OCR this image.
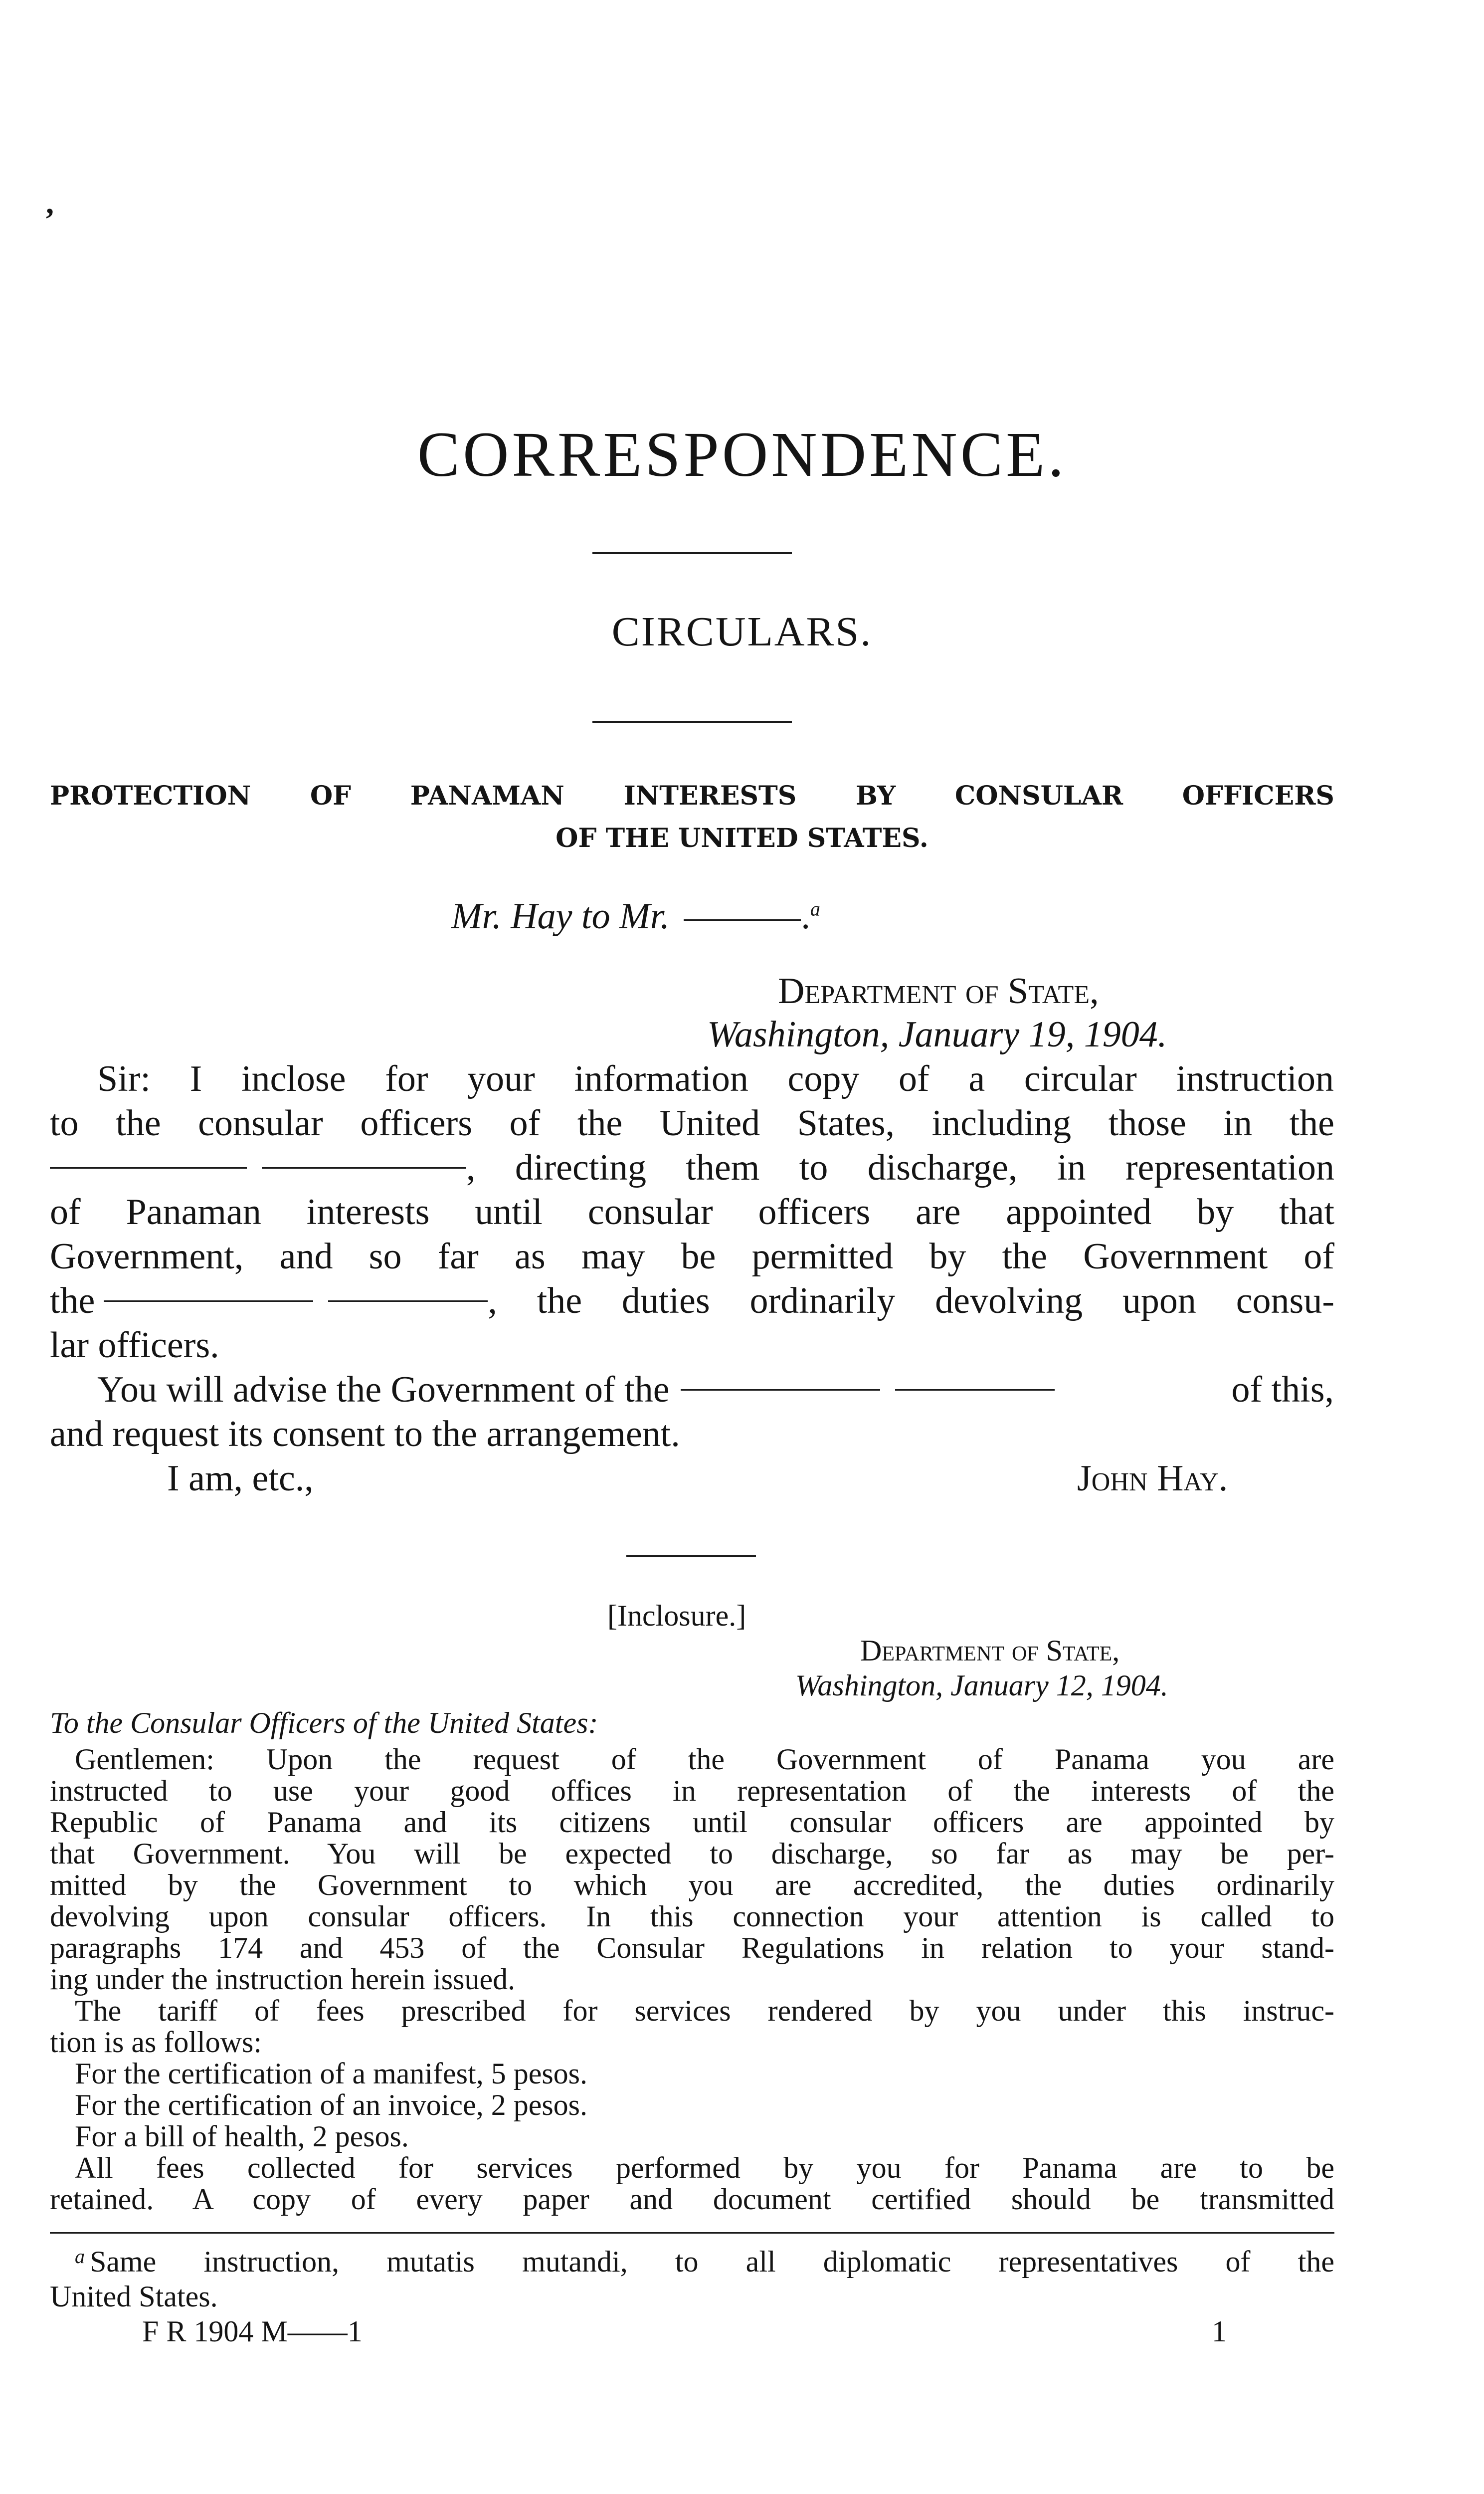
,
CORRESPONDENCE.
CIRCULARS.
PROTECTION OF PANAMAN INTERESTS BY CONSULAR OFFICERS
OF THE UNITED STATES.
Mr. Hay to Mr.	.$^a$
Department of State,
Washington, January 19, 1904.
Sir: I inclose for your information copy of a circular instruction
to the consular officers of the United States, including those in the
, directing them to discharge, in representation
of Panaman interests until consular officers are appointed by that
Government, and so far as may be permitted by the Government of
the	, the duties ordinarily devolving upon consu-
lar officers.
You will advise the Government of the	of this,
and request its consent to the arrangement.
I am, etc.,	John Hay.
[Inclosure.]
Department of State,
Washington, January 12, 1904.
To the Consular Officers of the United States:
Gentlemen: Upon the request of the Government of Panama you are
instructed to use your good offices in representation of the interests of the
Republic of Panama and its citizens until consular officers are appointed by
that Government. You will be expected to discharge, so far as may be per-
mitted by the Government to which you are accredited, the duties ordinarily
devolving upon consular officers. In this connection your attention is called to
paragraphs 174 and 453 of the Consular Regulations in relation to your stand-
ing under the instruction herein issued.
The tariff of fees prescribed for services rendered by you under this instruc-
tion is as follows:
For the certification of a manifest, 5 pesos.
For the certification of an invoice, 2 pesos.
For a bill of health, 2 pesos.
All fees collected for services performed by you for Panama are to be
retained. A copy of every paper and document certified should be transmitted
a Same instruction, mutatis mutandi, to all diplomatic representatives of the
United States.
F R 1904 M——1	1
